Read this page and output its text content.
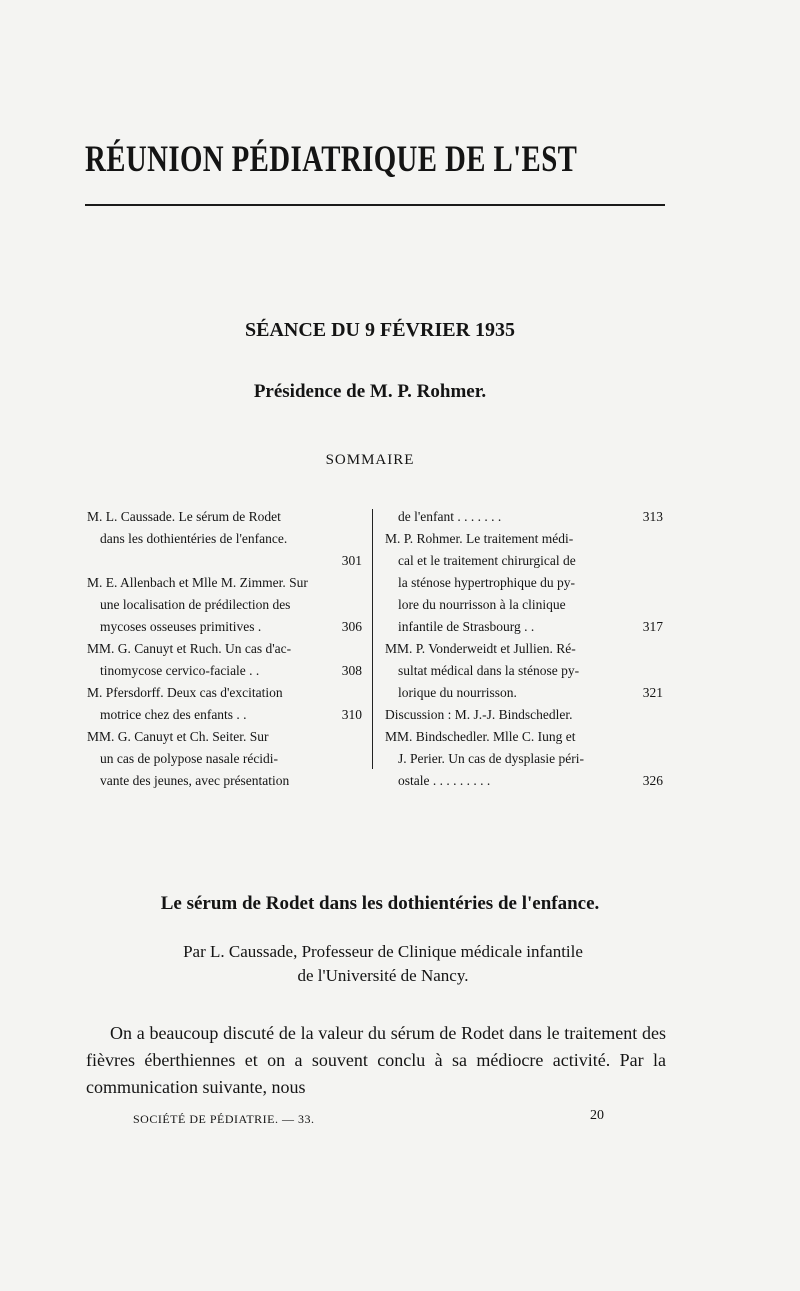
RÉUNION PÉDIATRIQUE DE L'EST
SÉANCE DU 9 FÉVRIER 1935
Présidence de M. P. Rohmer.
SOMMAIRE
M. L. Caussade. Le sérum de Rodet
dans les dothientéries de l'enfance.
301
M. E. Allenbach et Mlle M. Zimmer. Sur
une localisation de prédilection des
mycoses osseuses primitives .	306
MM. G. Canuyt et Ruch. Un cas d'ac-
tinomycose cervico-faciale . .	308
M. Pfersdorff. Deux cas d'excitation
motrice chez des enfants . .	310
MM. G. Canuyt et Ch. Seiter. Sur
un cas de polypose nasale récidi-
vante des jeunes, avec présentation
de l'enfant . . . . . . .	313
M. P. Rohmer. Le traitement médi-
cal et le traitement chirurgical de
la sténose hypertrophique du py-
lore du nourrisson à la clinique
infantile de Strasbourg . .	317
MM. P. Vonderweidt et Jullien. Ré-
sultat médical dans la sténose py-
lorique du nourrisson.	321
Discussion : M. J.-J. Bindschedler.
MM. Bindschedler. Mlle C. Iung et
J. Perier. Un cas de dysplasie péri-
ostale . . . . . . . . .	326
Le sérum de Rodet dans les dothientéries de l'enfance.

Par L. Caussade, Professeur de Clinique médicale infantile
de l'Université de Nancy.

On a beaucoup discuté de la valeur du sérum de Rodet dans le traitement des fièvres éberthiennes et on a souvent conclu à sa médiocre activité. Par la communication suivante, nous

SOCIÉTÉ DE PÉDIATRIE. — 33.	20
